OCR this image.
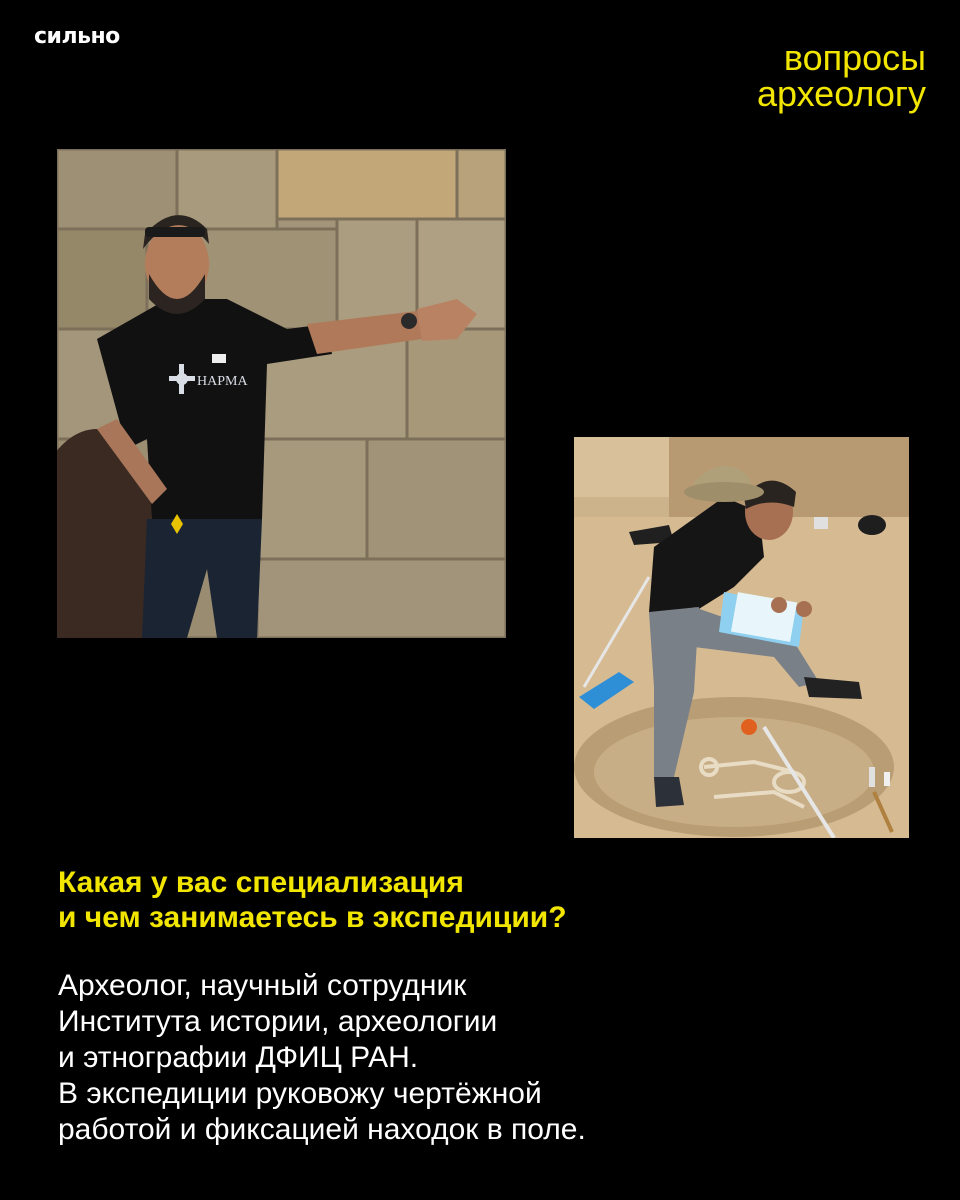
сильно
вопросы
археологу
HAPMA
Какая у вас специализация
и чем занимаетесь в экспедиции?
Археолог, научный сотрудник
Института истории, археологии
и этнографии ДФИЦ РАН.
В экспедиции руковожу чертёжной
работой и фиксацией находок в поле.
